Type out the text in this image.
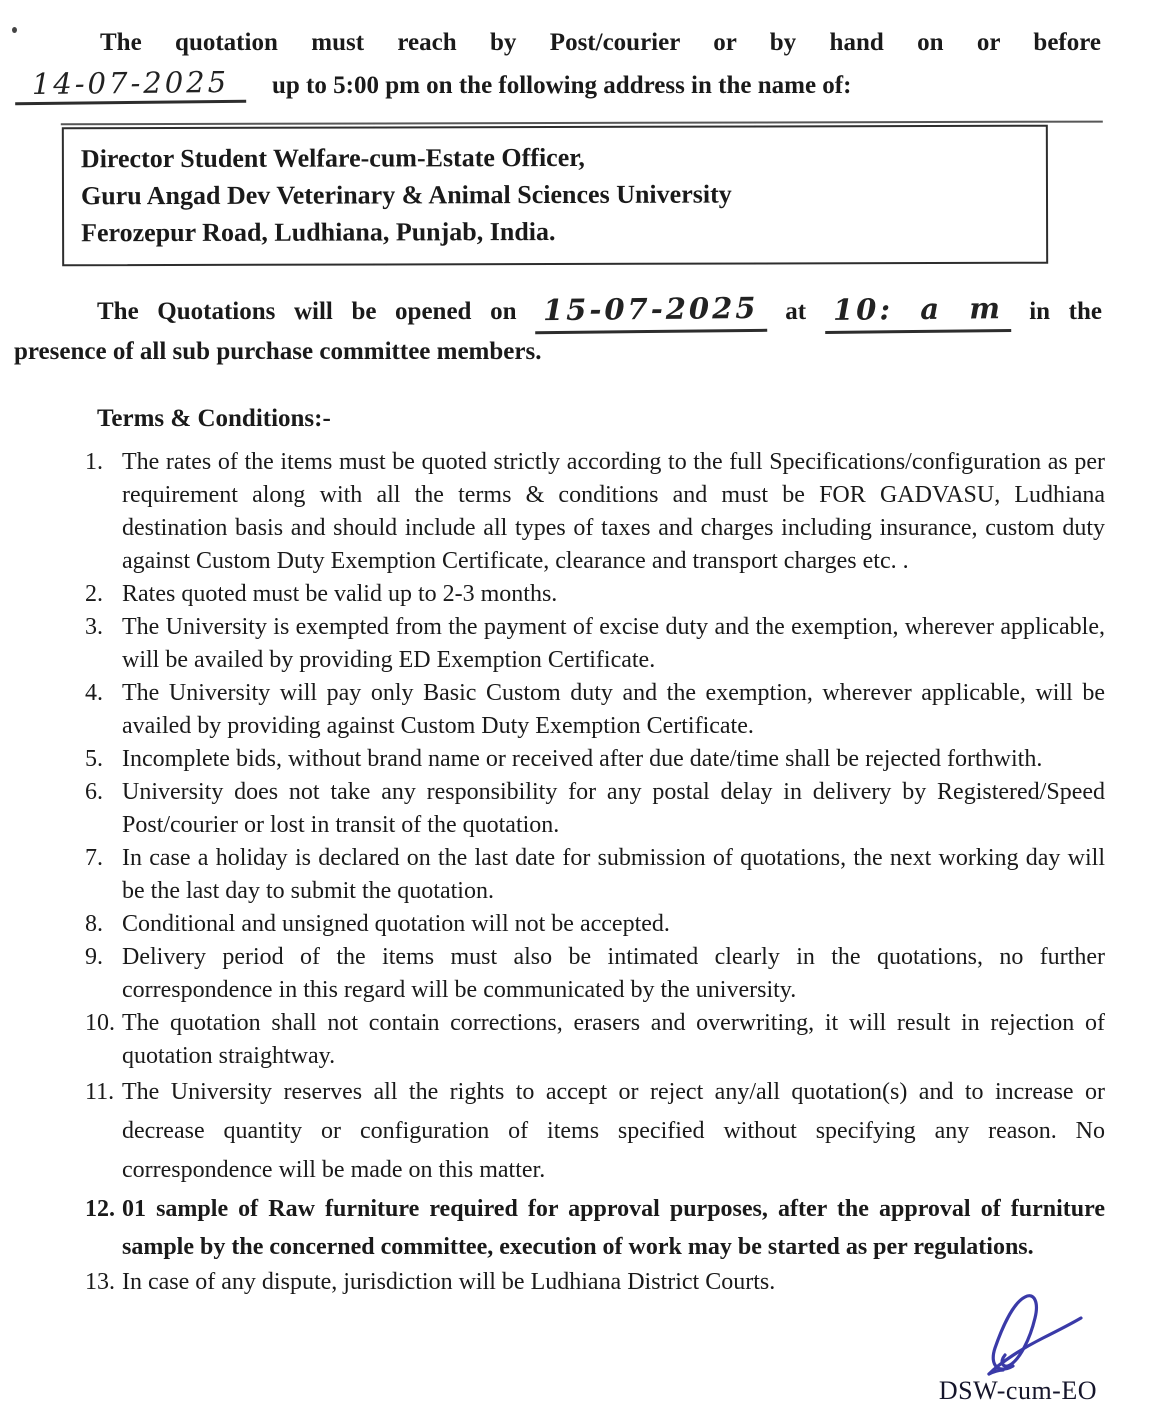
The quotation must reach by Post/courier or by hand on or before
14-07-2025	up to 5:00 pm on the following address in the name of:
Director Student Welfare-cum-Estate Officer,
Guru Angad Dev Veterinary & Animal Sciences University
Ferozepur Road, Ludhiana, Punjab, India.
The Quotations will be opened on 15-07-2025 at 10: a m in the
presence of all sub purchase committee members.
Terms & Conditions:-
1. The rates of the items must be quoted strictly according to the full Specifications/configuration as per requirement along with all the terms & conditions and must be FOR GADVASU, Ludhiana destination basis and should include all types of taxes and charges including insurance, custom duty against Custom Duty Exemption Certificate, clearance and transport charges etc. .
2. Rates quoted must be valid up to 2-3 months.
3. The University is exempted from the payment of excise duty and the exemption, wherever applicable, will be availed by providing ED Exemption Certificate.
4. The University will pay only Basic Custom duty and the exemption, wherever applicable, will be availed by providing against Custom Duty Exemption Certificate.
5. Incomplete bids, without brand name or received after due date/time shall be rejected forthwith.
6. University does not take any responsibility for any postal delay in delivery by Registered/Speed Post/courier or lost in transit of the quotation.
7. In case a holiday is declared on the last date for submission of quotations, the next working day will be the last day to submit the quotation.
8. Conditional and unsigned quotation will not be accepted.
9. Delivery period of the items must also be intimated clearly in the quotations, no further correspondence in this regard will be communicated by the university.
10. The quotation shall not contain corrections, erasers and overwriting, it will result in rejection of quotation straightway.
11. The University reserves all the rights to accept or reject any/all quotation(s) and to increase or decrease quantity or configuration of items specified without specifying any reason. No correspondence will be made on this matter.
12. 01 sample of Raw furniture required for approval purposes, after the approval of furniture sample by the concerned committee, execution of work may be started as per regulations.
13. In case of any dispute, jurisdiction will be Ludhiana District Courts.
DSW-cum-EO
